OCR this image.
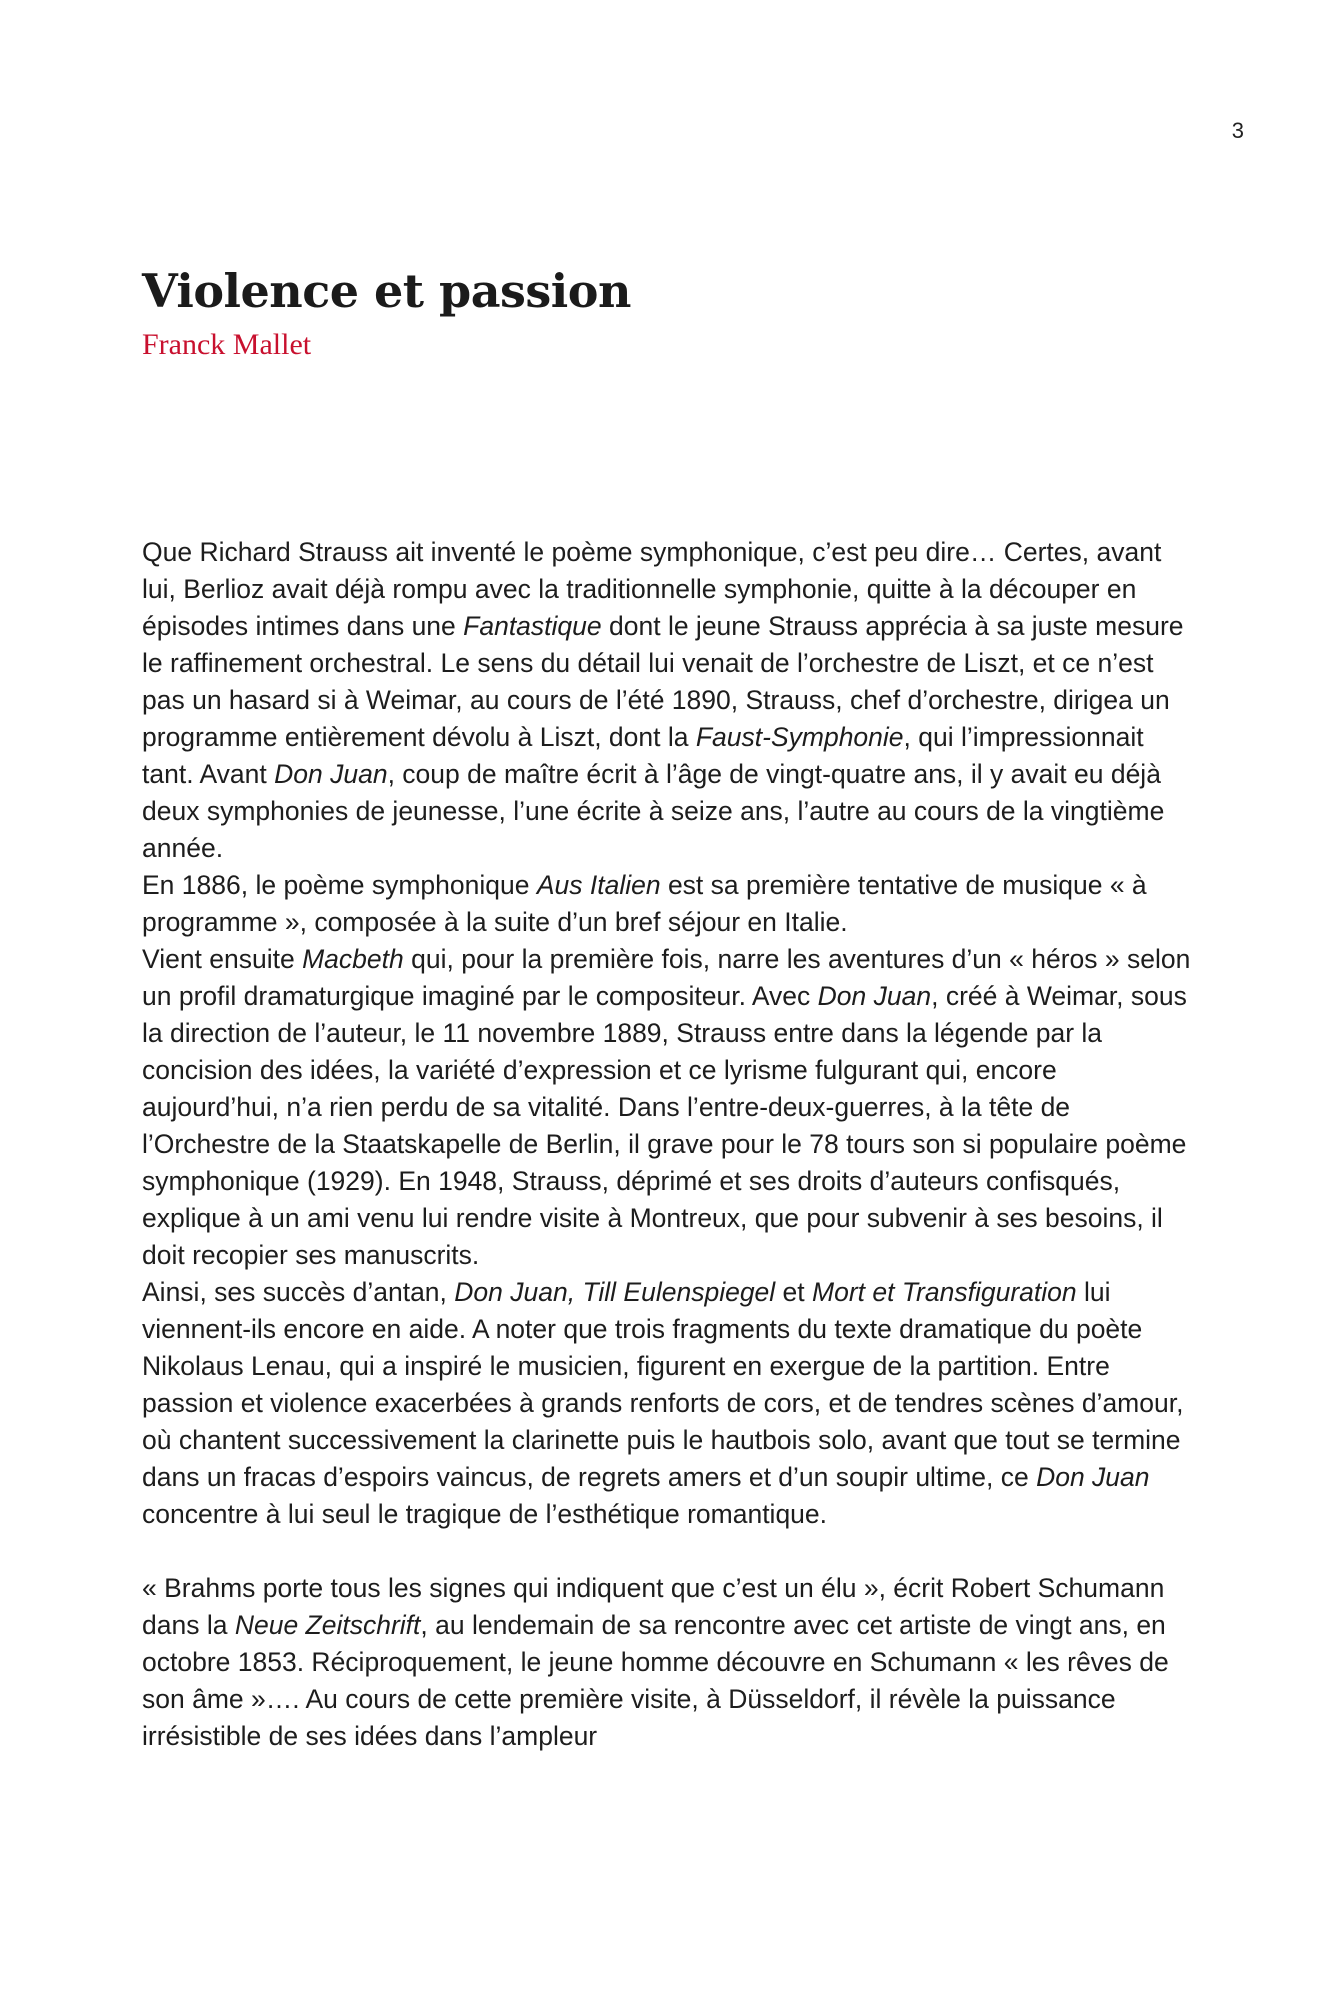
3
Violence et passion

Franck Mallet

Que Richard Strauss ait inventé le poème symphonique, c’est peu dire… Certes, avant lui, Berlioz avait déjà rompu avec la traditionnelle symphonie, quitte à la découper en épisodes intimes dans une Fantastique dont le jeune Strauss apprécia à sa juste mesure le raffinement orchestral. Le sens du détail lui venait de l’orchestre de Liszt, et ce n’est pas un hasard si à Weimar, au cours de l’été 1890, Strauss, chef d’orchestre, dirigea un programme entièrement dévolu à Liszt, dont la Faust-Symphonie, qui l’impressionnait tant. Avant Don Juan, coup de maître écrit à l’âge de vingt-quatre ans, il y avait eu déjà deux symphonies de jeunesse, l’une écrite à seize ans, l’autre au cours de la vingtième année.
En 1886, le poème symphonique Aus Italien est sa première tentative de musique « à programme », composée à la suite d’un bref séjour en Italie.
Vient ensuite Macbeth qui, pour la première fois, narre les aventures d’un « héros » selon un profil dramaturgique imaginé par le compositeur. Avec Don Juan, créé à Weimar, sous la direction de l’auteur, le 11 novembre 1889, Strauss entre dans la légende par la concision des idées, la variété d’expression et ce lyrisme fulgurant qui, encore aujourd’hui, n’a rien perdu de sa vitalité. Dans l’entre-deux-guerres, à la tête de l’Orchestre de la Staatskapelle de Berlin, il grave pour le 78 tours son si populaire poème symphonique (1929). En 1948, Strauss, déprimé et ses droits d’auteurs confisqués, explique à un ami venu lui rendre visite à Montreux, que pour subvenir à ses besoins, il doit recopier ses manuscrits.
Ainsi, ses succès d’antan, Don Juan, Till Eulenspiegel et Mort et Transfiguration lui viennent-ils encore en aide. A noter que trois fragments du texte dramatique du poète Nikolaus Lenau, qui a inspiré le musicien, figurent en exergue de la partition. Entre passion et violence exacerbées à grands renforts de cors, et de tendres scènes d’amour, où chantent successivement la clarinette puis le hautbois solo, avant que tout se termine dans un fracas d’espoirs vaincus, de regrets amers et d’un soupir ultime, ce Don Juan concentre à lui seul le tragique de l’esthétique romantique.

« Brahms porte tous les signes qui indiquent que c’est un élu », écrit Robert Schumann dans la Neue Zeitschrift, au lendemain de sa rencontre avec cet artiste de vingt ans, en octobre 1853. Réciproquement, le jeune homme découvre en Schumann « les rêves de son âme »…. Au cours de cette première visite, à Düsseldorf, il révèle la puissance irrésistible de ses idées dans l’ampleur
